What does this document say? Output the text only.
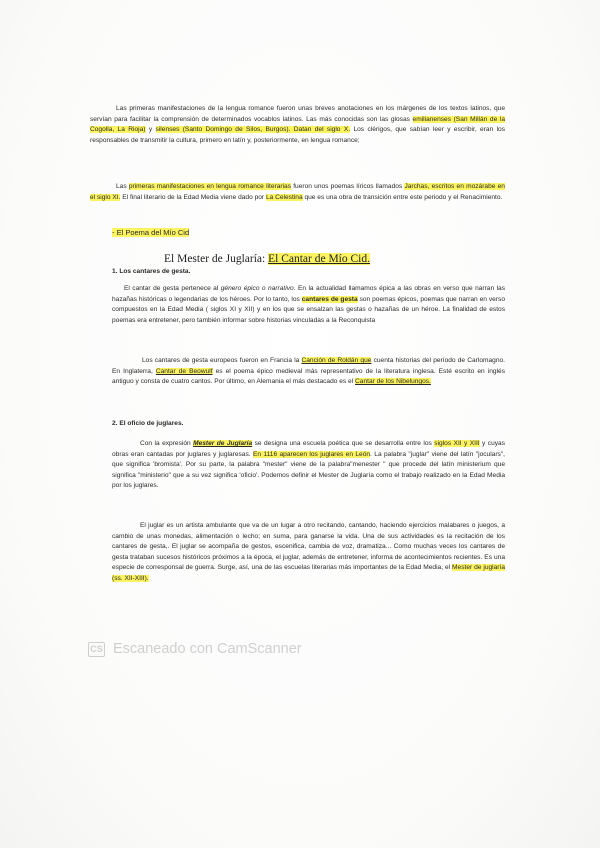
Las primeras manifestaciones de la lengua romance fueron unas breves anotaciones en los márgenes de los textos latinos, que servían para facilitar la comprensión de determinados vocablos latinos. Las más conocidas son las glosas emilianenses (San Millán de la Cogolla, La Rioja) y silenses (Santo Domingo de Silos, Burgos). Datan del siglo X. Los clérigos, que sabían leer y escribir, eran los responsables de transmitir la cultura, primero en latín y, posteriormente, en lengua romance;
Las primeras manifestaciones en lengua romance literarias fueron unos poemas líricos llamados Jarchas, escritos en mozárabe en el siglo XI. El final literario de la Edad Media viene dado por La Celestina que es una obra de transición entre este periodo y el Renacimiento.
- El Poema del Mío Cid
El Mester de Juglaría: El Cantar de Mío Cid.
1. Los cantares de gesta.
El cantar de gesta pertenece al género épico o narrativo. En la actualidad llamamos épica a las obras en verso que narran las hazañas históricas o legendarias de los héroes. Por lo tanto, los cantares de gesta son poemas épicos, poemas que narran en verso compuestos en la Edad Media ( siglos XI y XII) y en los que se ensalzan las gestas o hazañas de un héroe. La finalidad de estos poemas era entretener, pero también informar sobre historias vinculadas a la Reconquista
Los cantares de gesta europeos fueron en Francia la Canción de Roldán que cuenta historias del período de Carlomagno. En Inglaterra, Cantar de Beowulf es el poema épico medieval más representativo de la literatura inglesa. Esté escrito en inglés antiguo y consta de cuatro cantos. Por último, en Alemania el más destacado es el Cantar de los Nibelungos.
2. El oficio de juglares.
Con la expresión Mester de Juglaría se designa una escuela poética que se desarrolla entre los siglos XII y XIII y cuyas obras eran cantadas por juglares y juglaresas. En 1116 aparecen los juglares en León. La palabra "juglar" viene del latín "joculars", que significa 'bromista'. Por su parte, la palabra "mester" viene de la palabra"menester " que procede del latín ministerium que significa "ministerio" que a su vez significa 'oficio'. Podemos definir el Mester de Juglaría como el trabajo realizado en la Edad Media por los juglares.
El juglar es un artista ambulante que va de un lugar a otro recitando, cantando, haciendo ejercicios malabares o juegos, a cambio de unas monedas, alimentación o lecho; en suma, para ganarse la vida. Una de sus actividades es la recitación de los cantares de gesta,. El juglar se acompaña de gestos, escenifica, cambia de voz, dramatiza... Como muchas veces los cantares de gesta trataban sucesos históricos próximos a la época, el juglar, además de entretener, informa de acontecimientos recientes. Es una especie de corresponsal de guerra. Surge, así, una de las escuelas literarias más importantes de la Edad Media, el Mester de juglaría (ss. XII-XIII).
CS Escaneado con CamScanner
